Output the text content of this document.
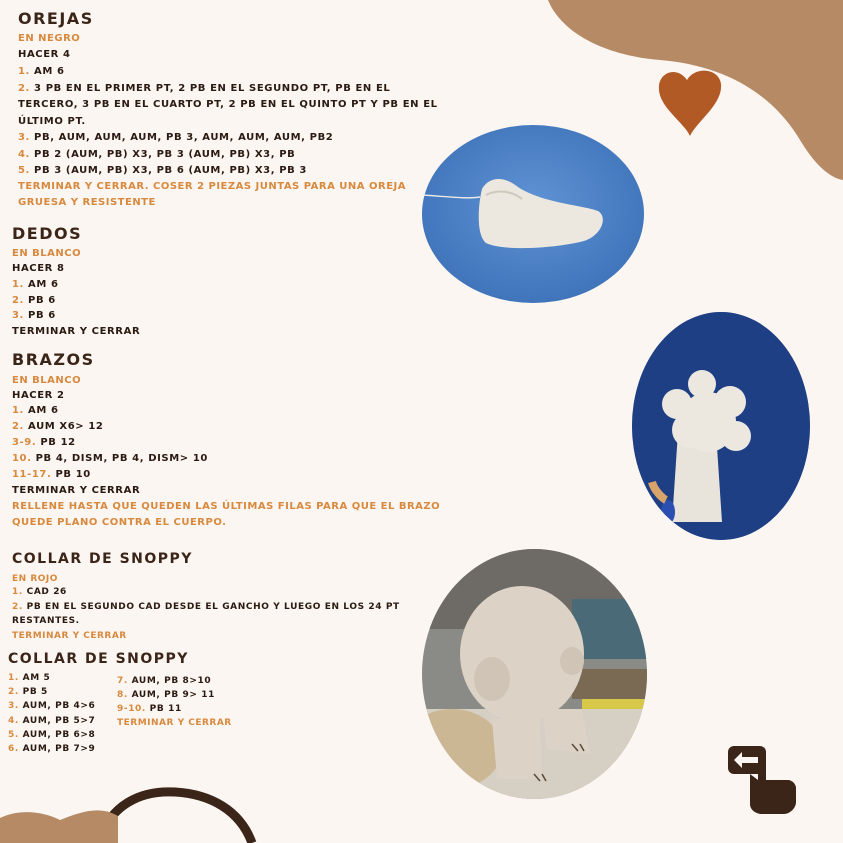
OREJAS
EN NEGRO
HACER 4
1. AM 6
2. 3 PB EN EL PRIMER PT, 2 PB EN EL SEGUNDO PT, PB EN EL
TERCERO, 3 PB EN EL CUARTO PT, 2 PB EN EL QUINTO PT Y PB EN EL
ÚLTIMO PT.
3. PB, AUM, AUM, AUM, PB 3, AUM, AUM, AUM, PB2
4. PB 2 (AUM, PB) X3, PB 3 (AUM, PB) X3, PB
5. PB 3 (AUM, PB) X3, PB 6 (AUM, PB) X3, PB 3
TERMINAR Y CERRAR. COSER 2 PIEZAS JUNTAS PARA UNA OREJA
GRUESA Y RESISTENTE
DEDOS
EN BLANCO
HACER 8
1. AM 6
2. PB 6
3. PB 6
TERMINAR Y CERRAR
BRAZOS
EN BLANCO
HACER 2
1. AM 6
2. AUM X6> 12
3-9. PB 12
10. PB 4, DISM, PB 4, DISM> 10
11-17. PB 10
TERMINAR Y CERRAR
RELLENE HASTA QUE QUEDEN LAS ÚLTIMAS FILAS PARA QUE EL BRAZO
QUEDE PLANO CONTRA EL CUERPO.
COLLAR DE SNOPPY
EN ROJO
1. CAD 26
2. PB EN EL SEGUNDO CAD DESDE EL GANCHO Y LUEGO EN LOS 24 PT
RESTANTES.
TERMINAR Y CERRAR
COLLAR DE SNOPPY
1. AM 5
2. PB 5
3. AUM, PB 4>6
4. AUM, PB 5>7
5. AUM, PB 6>8
6. AUM, PB 7>9
7. AUM, PB 8>10
8. AUM, PB 9> 11
9-10. PB 11
TERMINAR Y CERRAR
